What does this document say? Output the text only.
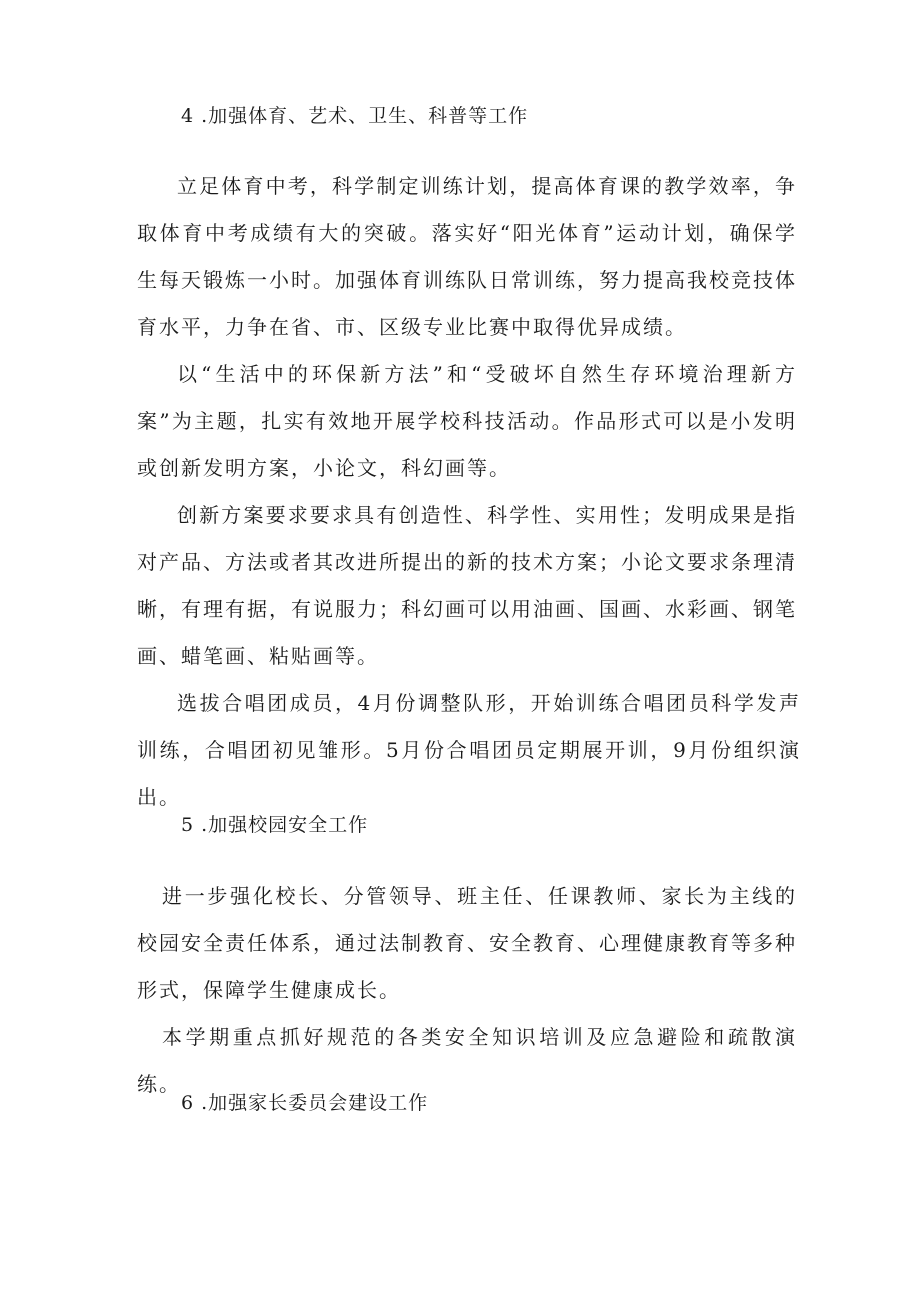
4 .加强体育、艺术、卫生、科普等工作

立足体育中考，科学制定训练计划，提高体育课的教学效率，争取体育中考成绩有大的突破。落实好“阳光体育”运动计划，确保学生每天锻炼一小时。加强体育训练队日常训练，努力提高我校竞技体育水平，力争在省、市、区级专业比赛中取得优异成绩。

以“生活中的环保新方法”和“受破坏自然生存环境治理新方案”为主题，扎实有效地开展学校科技活动。作品形式可以是小发明或创新发明方案，小论文，科幻画等。

创新方案要求要求具有创造性、科学性、实用性；发明成果是指对产品、方法或者其改进所提出的新的技术方案；小论文要求条理清晰，有理有据，有说服力；科幻画可以用油画、国画、水彩画、钢笔画、蜡笔画、粘贴画等。

选拔合唱团成员，4月份调整队形，开始训练合唱团员科学发声训练，合唱团初见雏形。5月份合唱团员定期展开训，9月份组织演出。

5 .加强校园安全工作

进一步强化校长、分管领导、班主任、任课教师、家长为主线的校园安全责任体系，通过法制教育、安全教育、心理健康教育等多种形式，保障学生健康成长。

本学期重点抓好规范的各类安全知识培训及应急避险和疏散演练。

6 .加强家长委员会建设工作
